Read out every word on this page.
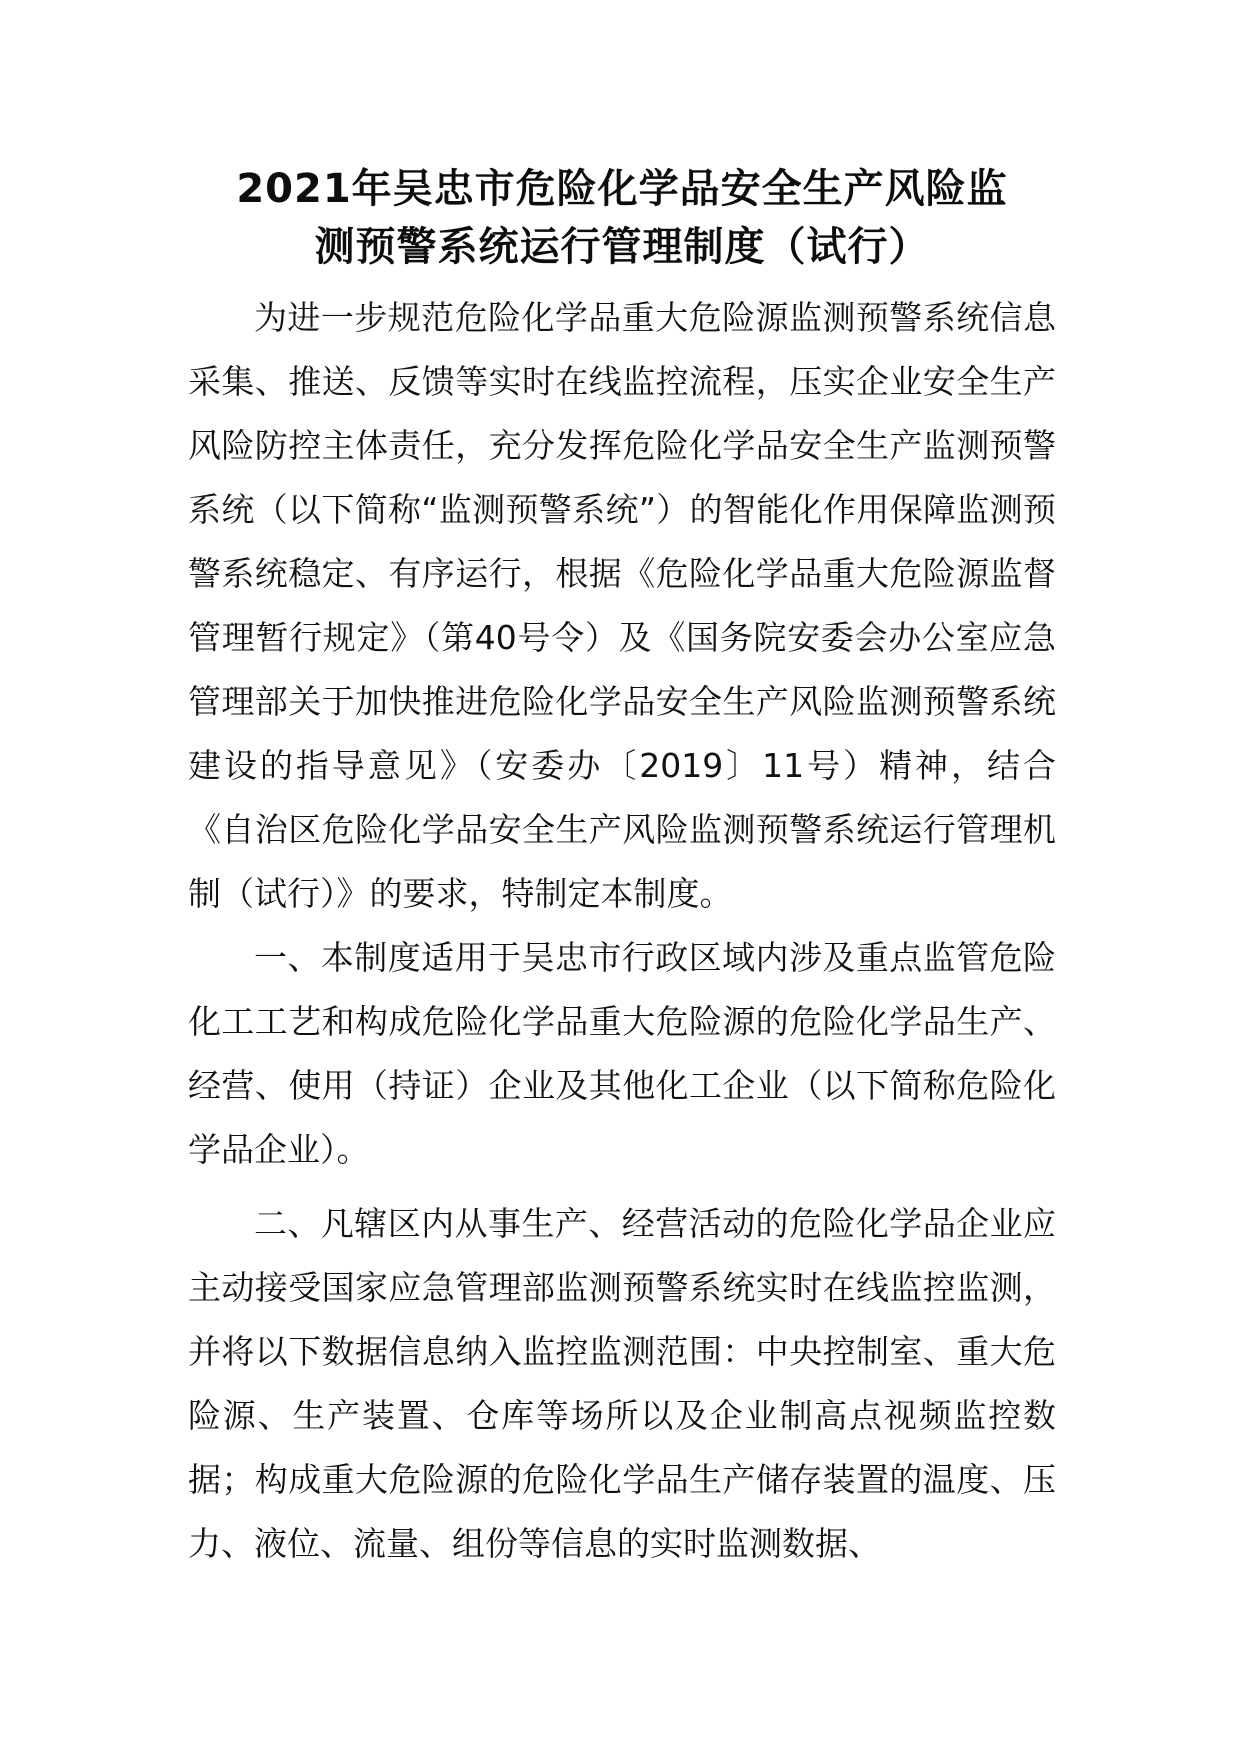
2021年吴忠市危险化学品安全生产风险监
测预警系统运行管理制度（试行）

为进一步规范危险化学品重大危险源监测预警系统信息采集、推送、反馈等实时在线监控流程，压实企业安全生产风险防控主体责任，充分发挥危险化学品安全生产监测预警系统（以下简称“监测预警系统”）的智能化作用保障监测预警系统稳定、有序运行，根据《危险化学品重大危险源监督管理暂行规定》（第40号令）及《国务院安委会办公室应急管理部关于加快推进危险化学品安全生产风险监测预警系统建设的指导意见》（安委办〔2019〕11号）精神，结合《自治区危险化学品安全生产风险监测预警系统运行管理机制（试行）》的要求，特制定本制度。

一、本制度适用于吴忠市行政区域内涉及重点监管危险化工工艺和构成危险化学品重大危险源的危险化学品生产、经营、使用（持证）企业及其他化工企业（以下简称危险化学品企业）。

二、凡辖区内从事生产、经营活动的危险化学品企业应主动接受国家应急管理部监测预警系统实时在线监控监测，并将以下数据信息纳入监控监测范围：中央控制室、重大危险源、生产装置、仓库等场所以及企业制高点视频监控数据；构成重大危险源的危险化学品生产储存装置的温度、压力、液位、流量、组份等信息的实时监测数据、
